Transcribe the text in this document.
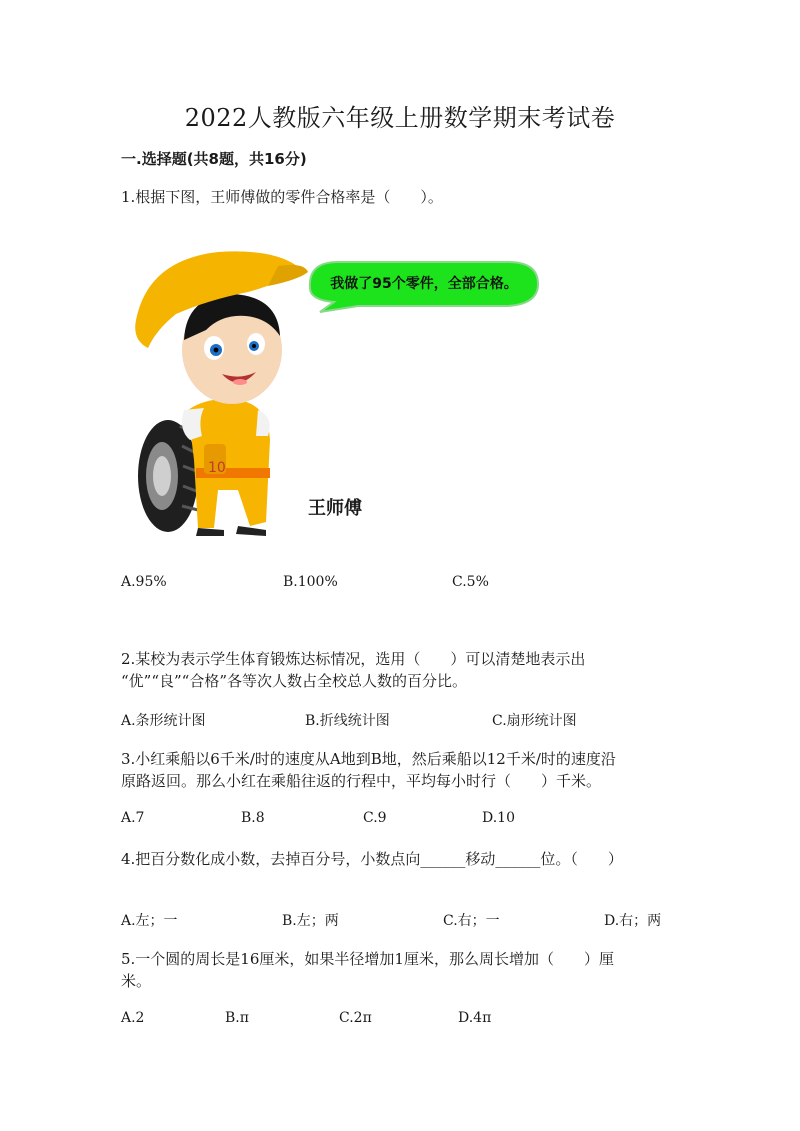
2022人教版六年级上册数学期末考试卷
一.选择题(共8题，共16分)
1.根据下图，王师傅做的零件合格率是（　　）。
我做了95个零件，全部合格。
10
王师傅
A.95%	B.100%	C.5%
2.某校为表示学生体育锻炼达标情况，选用（　　）可以清楚地表示出
“优”“良”“合格”各等次人数占全校总人数的百分比。
A.条形统计图	B.折线统计图	C.扇形统计图
3.小红乘船以6千米/时的速度从A地到B地，然后乘船以12千米/时的速度沿
原路返回。那么小红在乘船往返的行程中，平均每小时行（　　）千米。
A.7	B.8	C.9	D.10
4.把百分数化成小数，去掉百分号，小数点向______移动______位。（　　）
A.左；一	B.左；两	C.右；一	D.右；两
5.一个圆的周长是16厘米，如果半径增加1厘米，那么周长增加（　　）厘
米。
A.2	B.π	C.2π	D.4π
